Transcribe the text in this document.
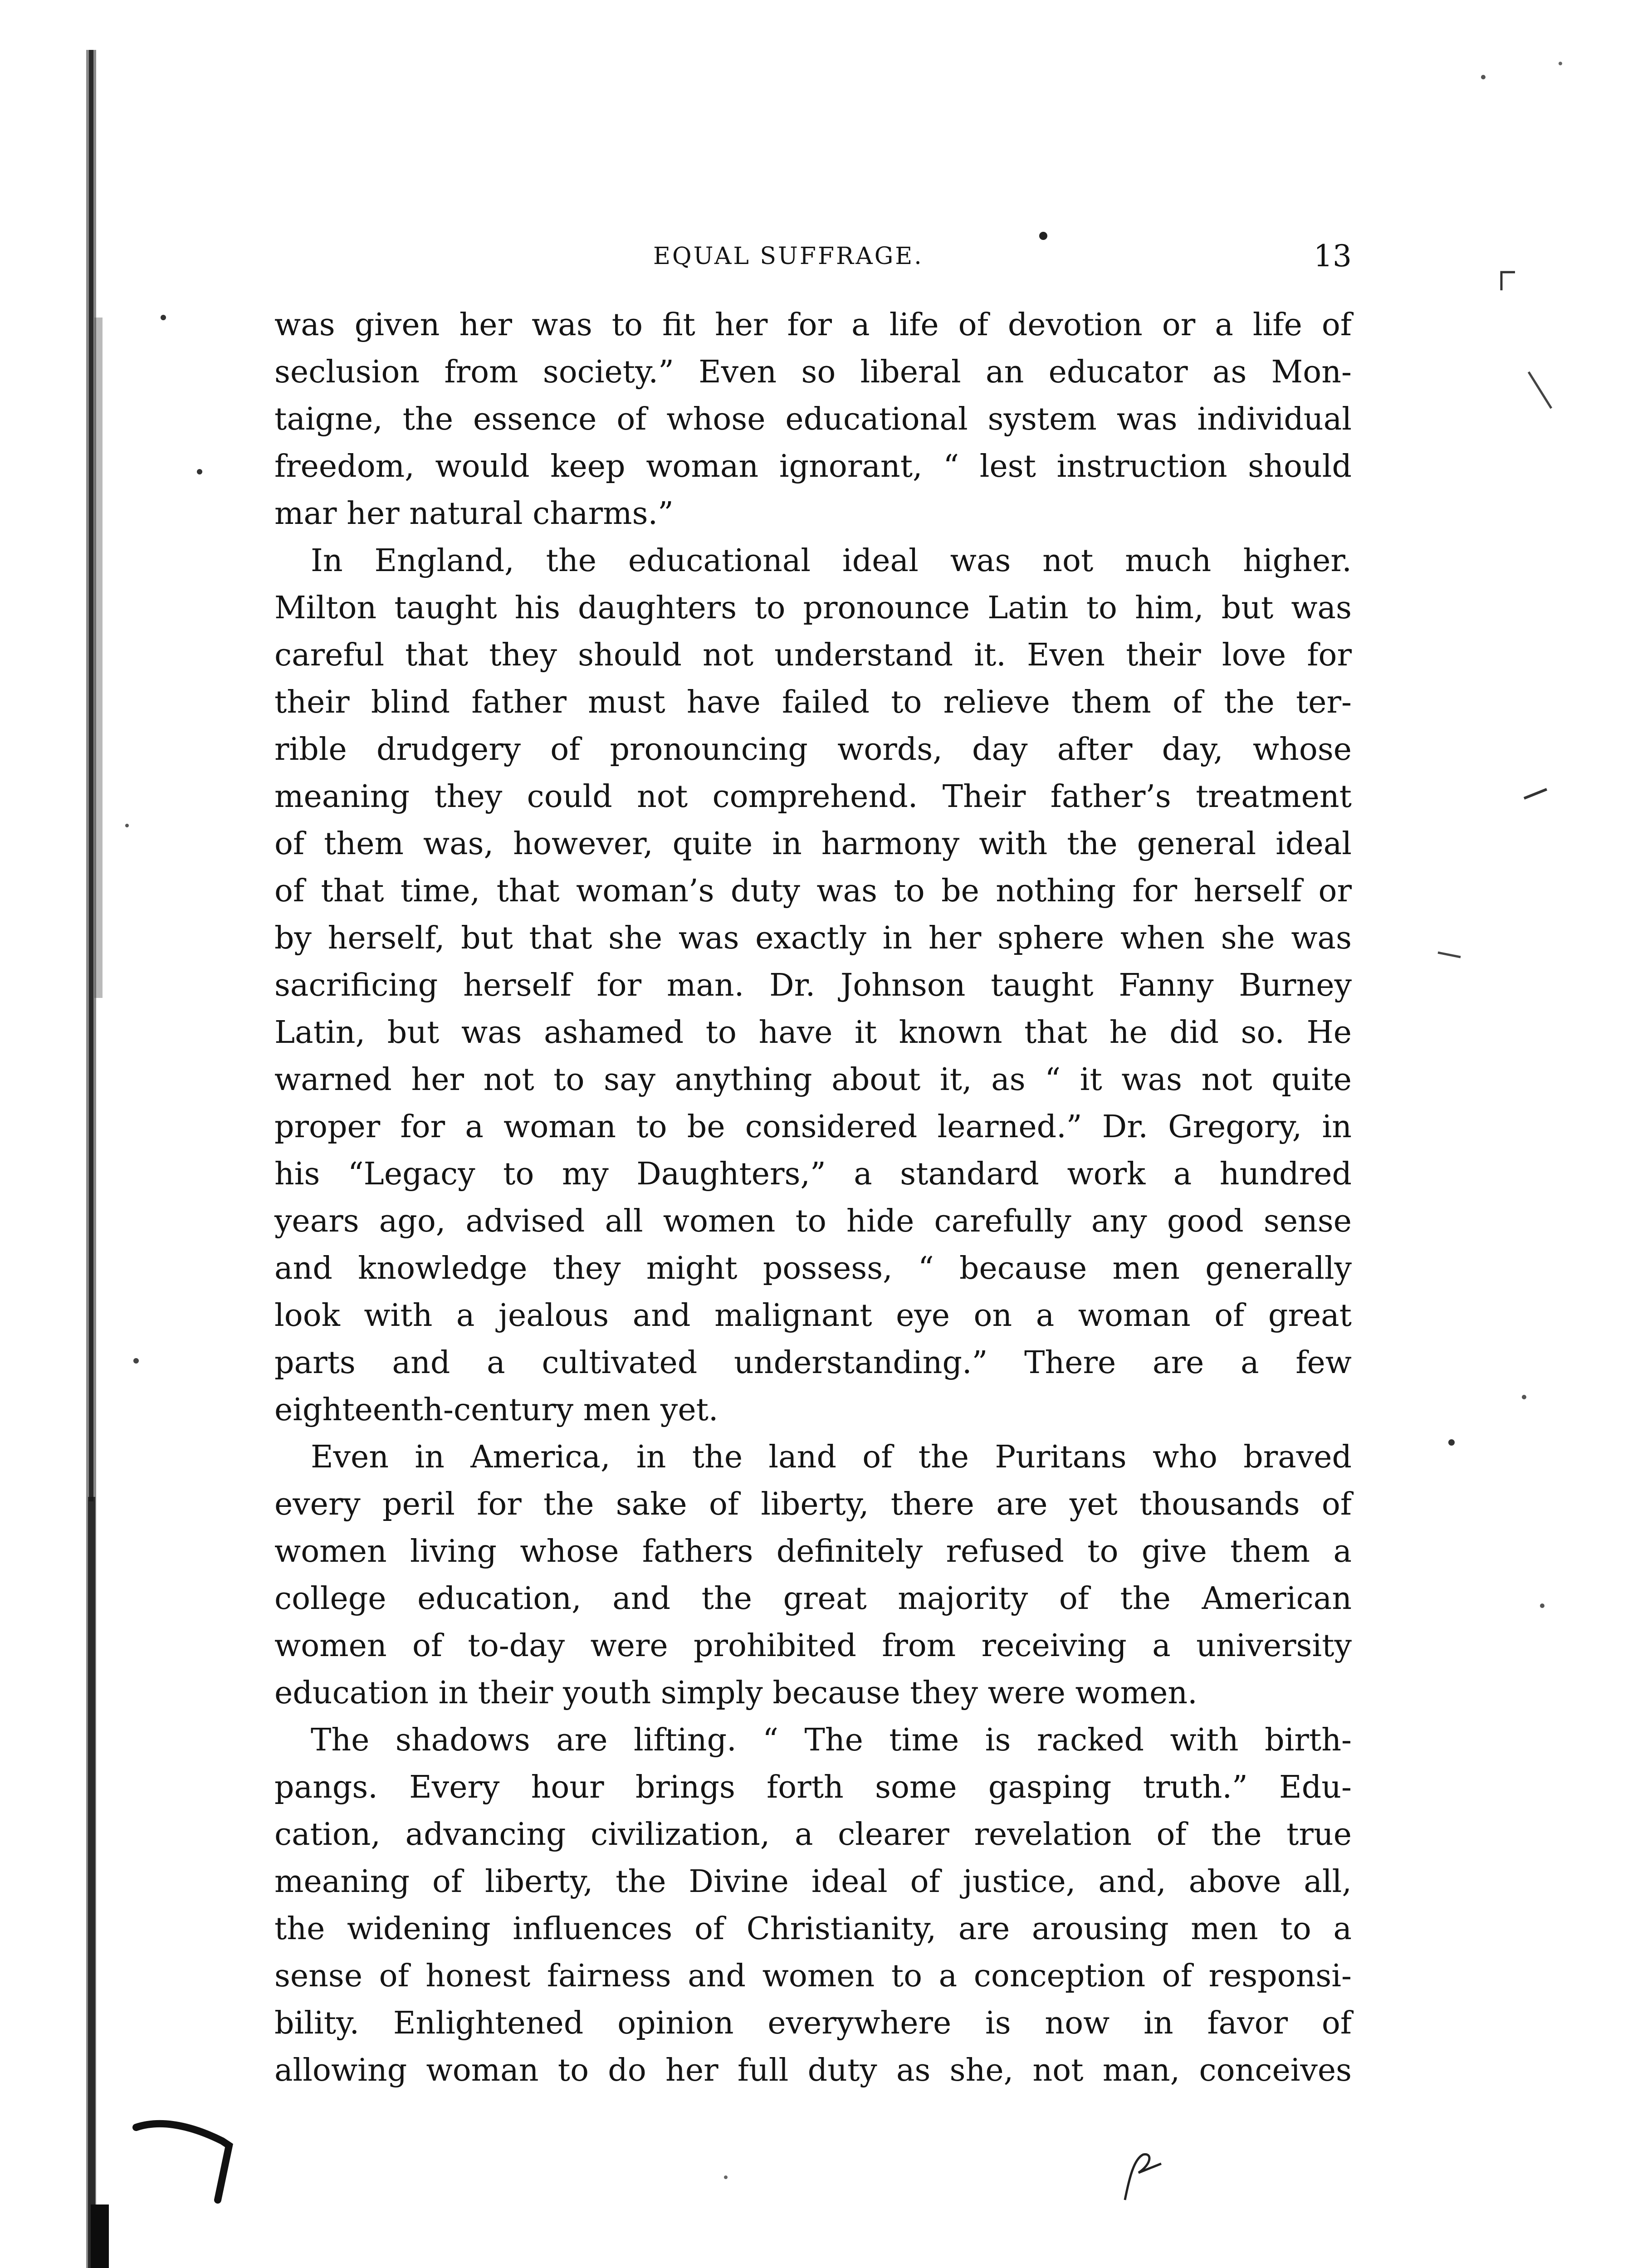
EQUAL SUFFRAGE.	13
was given her was to fit her for a life of devotion or a life of
seclusion from society.” Even so liberal an educator as Mon-
taigne, the essence of whose educational system was individual
freedom, would keep woman ignorant, “ lest instruction should
mar her natural charms.”
In England, the educational ideal was not much higher.
Milton taught his daughters to pronounce Latin to him, but was
careful that they should not understand it. Even their love for
their blind father must have failed to relieve them of the ter-
rible drudgery of pronouncing words, day after day, whose
meaning they could not comprehend. Their father’s treatment
of them was, however, quite in harmony with the general ideal
of that time, that woman’s duty was to be nothing for herself or
by herself, but that she was exactly in her sphere when she was
sacrificing herself for man. Dr. Johnson taught Fanny Burney
Latin, but was ashamed to have it known that he did so. He
warned her not to say anything about it, as “ it was not quite
proper for a woman to be considered learned.” Dr. Gregory, in
his “Legacy to my Daughters,” a standard work a hundred
years ago, advised all women to hide carefully any good sense
and knowledge they might possess, “ because men generally
look with a jealous and malignant eye on a woman of great
parts and a cultivated understanding.” There are a few
eighteenth-century men yet.
Even in America, in the land of the Puritans who braved
every peril for the sake of liberty, there are yet thousands of
women living whose fathers definitely refused to give them a
college education, and the great majority of the American
women of to-day were prohibited from receiving a university
education in their youth simply because they were women.
The shadows are lifting. “ The time is racked with birth-
pangs. Every hour brings forth some gasping truth.” Edu-
cation, advancing civilization, a clearer revelation of the true
meaning of liberty, the Divine ideal of justice, and, above all,
the widening influences of Christianity, are arousing men to a
sense of honest fairness and women to a conception of responsi-
bility. Enlightened opinion everywhere is now in favor of
allowing woman to do her full duty as she, not man, conceives
